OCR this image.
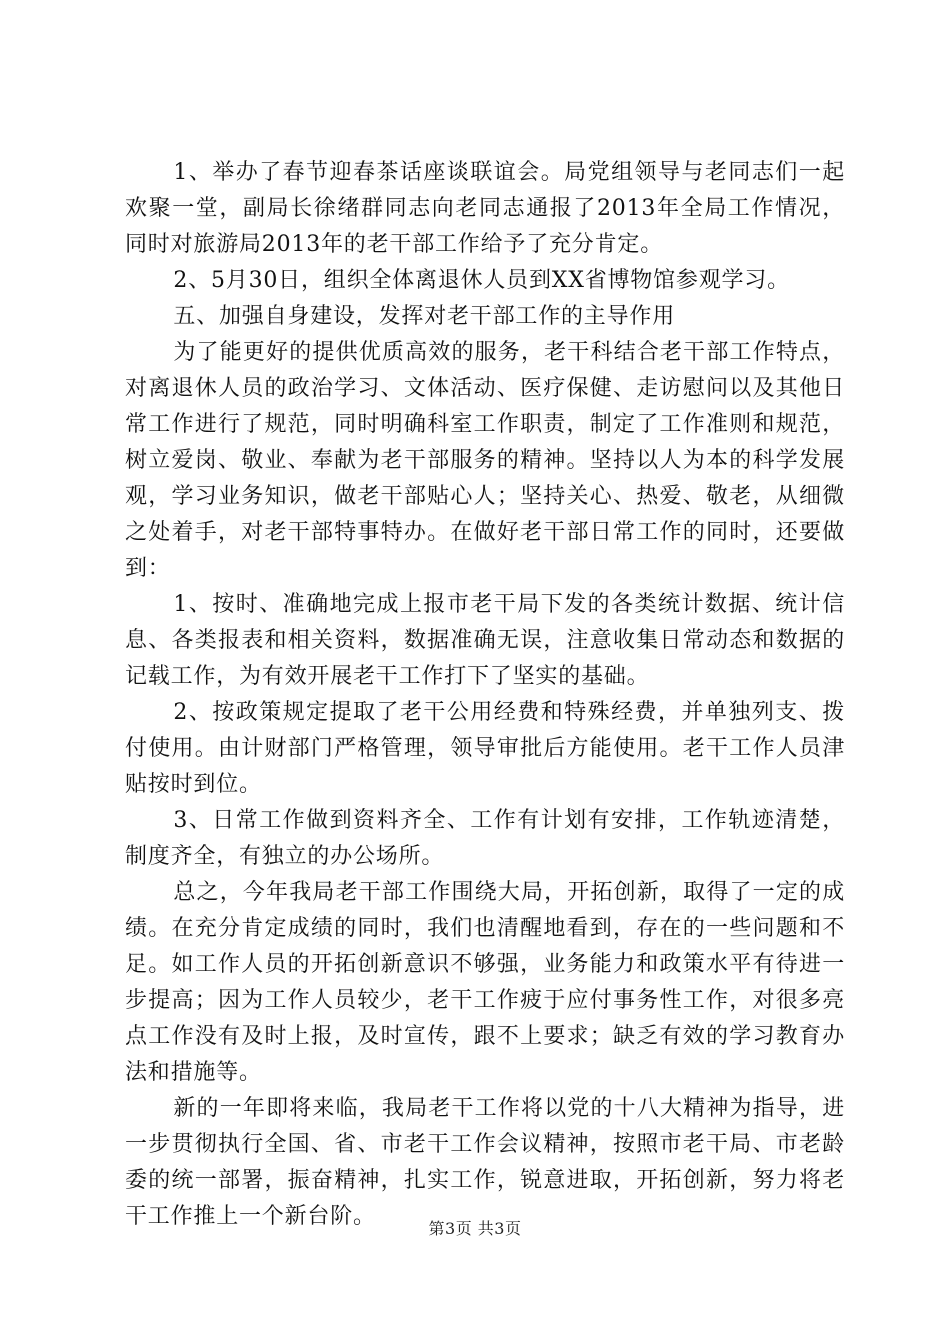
1、举办了春节迎春茶话座谈联谊会。局党组领导与老同志们一起欢聚一堂，副局长徐绪群同志向老同志通报了2013年全局工作情况，同时对旅游局2013年的老干部工作给予了充分肯定。

2、5月30日，组织全体离退休人员到XX省博物馆参观学习。

五、加强自身建设，发挥对老干部工作的主导作用

为了能更好的提供优质高效的服务，老干科结合老干部工作特点，对离退休人员的政治学习、文体活动、医疗保健、走访慰问以及其他日常工作进行了规范，同时明确科室工作职责，制定了工作准则和规范，树立爱岗、敬业、奉献为老干部服务的精神。坚持以人为本的科学发展观，学习业务知识，做老干部贴心人；坚持关心、热爱、敬老，从细微之处着手，对老干部特事特办。在做好老干部日常工作的同时，还要做到：

1、按时、准确地完成上报市老干局下发的各类统计数据、统计信息、各类报表和相关资料，数据准确无误，注意收集日常动态和数据的记载工作，为有效开展老干工作打下了坚实的基础。

2、按政策规定提取了老干公用经费和特殊经费，并单独列支、拨付使用。由计财部门严格管理，领导审批后方能使用。老干工作人员津贴按时到位。

3、日常工作做到资料齐全、工作有计划有安排，工作轨迹清楚，制度齐全，有独立的办公场所。

总之，今年我局老干部工作围绕大局，开拓创新，取得了一定的成绩。在充分肯定成绩的同时，我们也清醒地看到，存在的一些问题和不足。如工作人员的开拓创新意识不够强，业务能力和政策水平有待进一步提高；因为工作人员较少，老干工作疲于应付事务性工作，对很多亮点工作没有及时上报，及时宣传，跟不上要求；缺乏有效的学习教育办法和措施等。

新的一年即将来临，我局老干工作将以党的十八大精神为指导，进一步贯彻执行全国、省、市老干工作会议精神，按照市老干局、市老龄委的统一部署，振奋精神，扎实工作，锐意进取，开拓创新，努力将老干工作推上一个新台阶。	第3页 共3页
